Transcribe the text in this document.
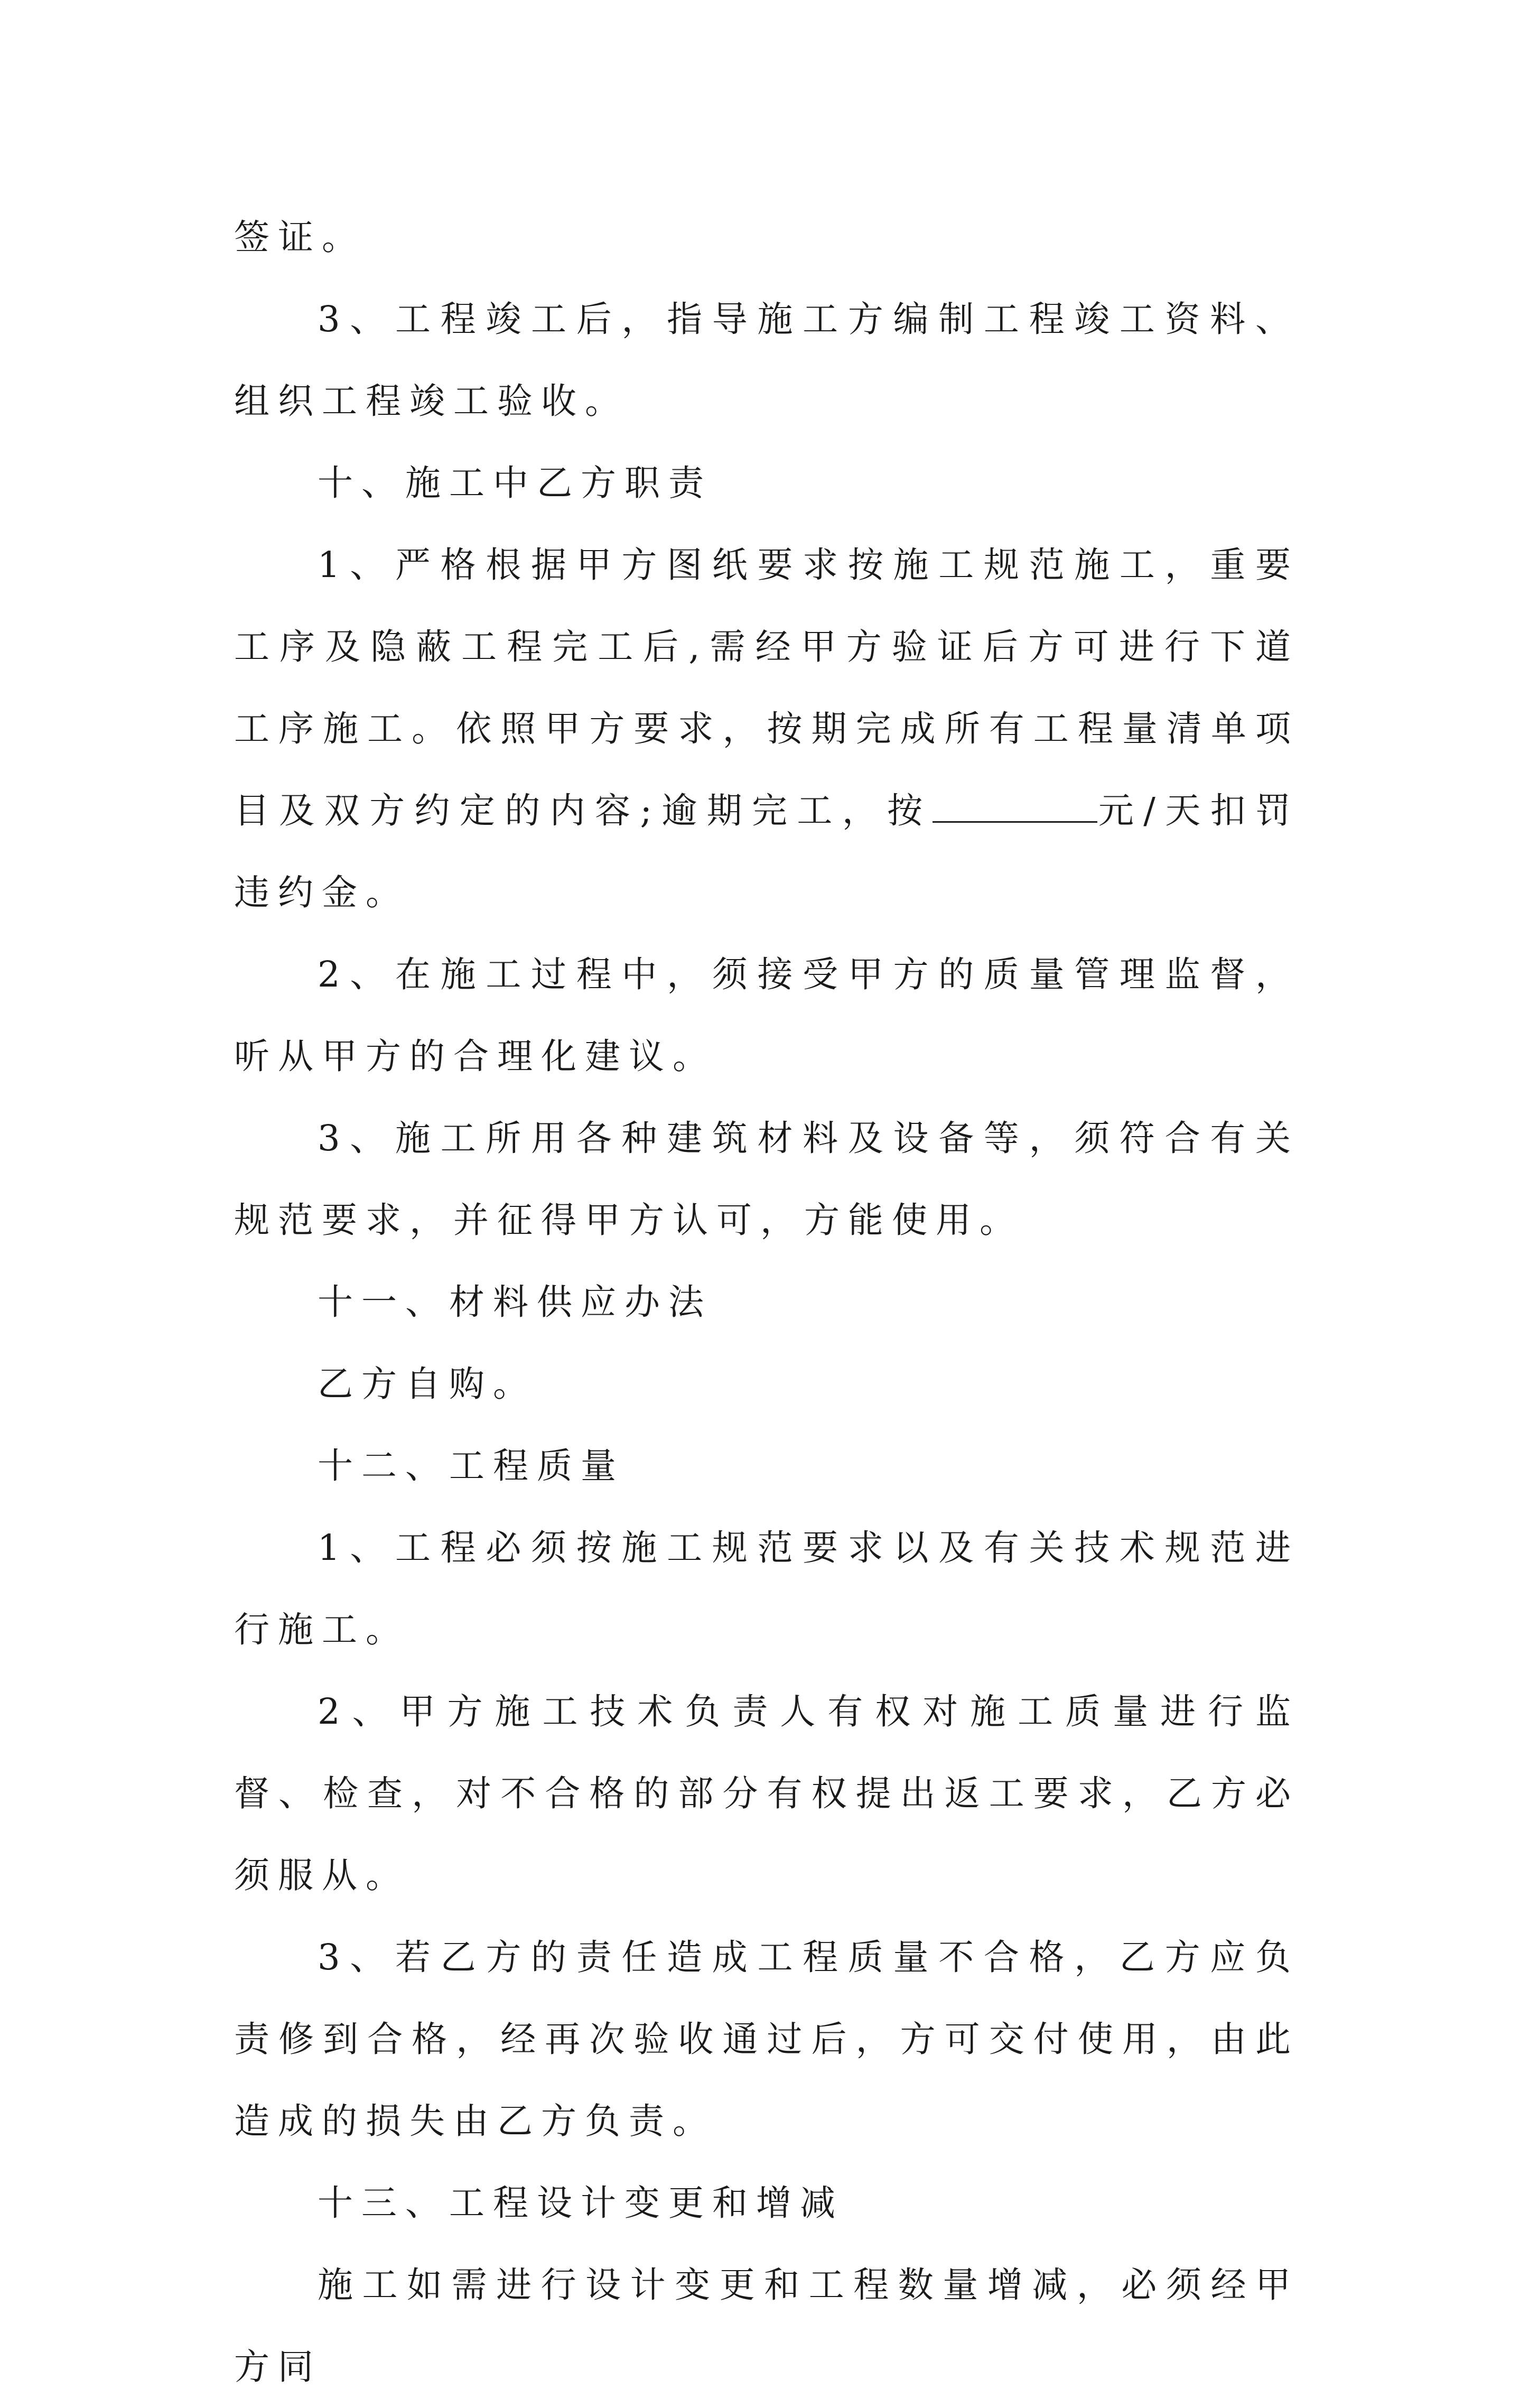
签证。

3、工程竣工后，指导施工方编制工程竣工资料、组织工程竣工验收。

十、施工中乙方职责

1、严格根据甲方图纸要求按施工规范施工，重要工序及隐蔽工程完工后,需经甲方验证后方可进行下道工序施工。依照甲方要求，按期完成所有工程量清单项目及双方约定的内容;逾期完工，按	元/天扣罚违约金。

2、在施工过程中，须接受甲方的质量管理监督，听从甲方的合理化建议。

3、施工所用各种建筑材料及设备等，须符合有关规范要求，并征得甲方认可，方能使用。

十一、材料供应办法

乙方自购。

十二、工程质量

1、工程必须按施工规范要求以及有关技术规范进行施工。

2、甲方施工技术负责人有权对施工质量进行监督、检查，对不合格的部分有权提出返工要求，乙方必须服从。

3、若乙方的责任造成工程质量不合格，乙方应负责修到合格，经再次验收通过后，方可交付使用，由此造成的损失由乙方负责。

十三、工程设计变更和增减

施工如需进行设计变更和工程数量增减，必须经甲方同
